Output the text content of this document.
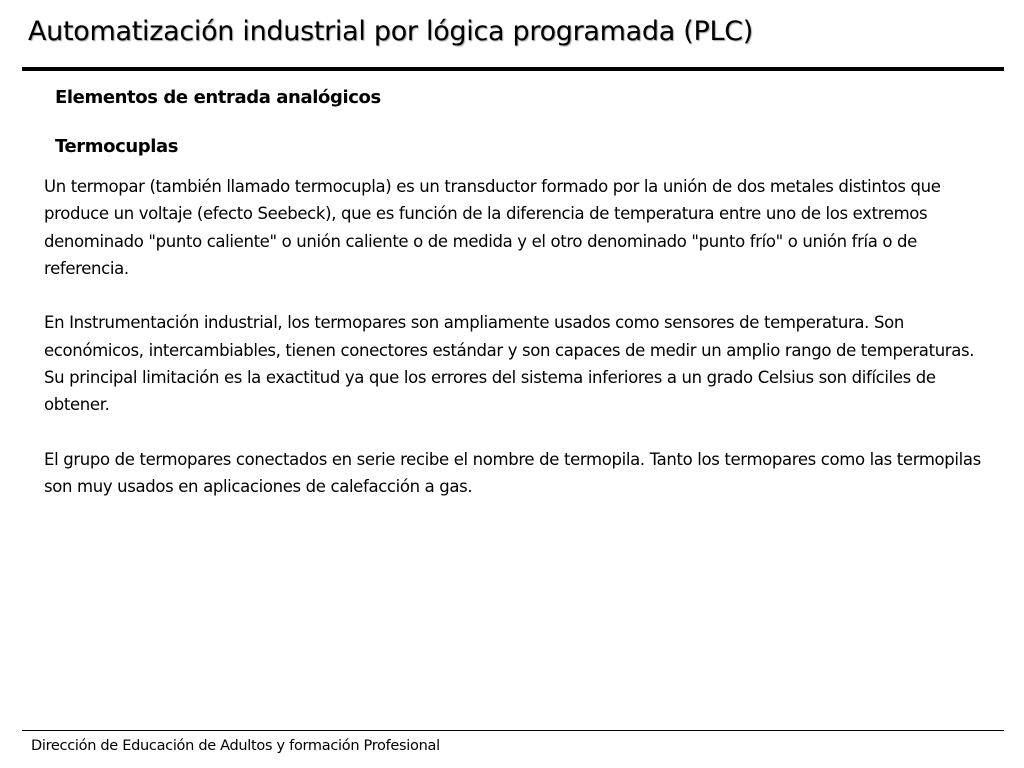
Automatización industrial por lógica programada (PLC)
Elementos de entrada analógicos
Termocuplas

Un termopar (también llamado termocupla) es un transductor formado por la unión de dos metales distintos que produce un voltaje (efecto Seebeck), que es función de la diferencia de temperatura entre uno de los extremos denominado "punto caliente" o unión caliente o de medida y el otro denominado "punto frío" o unión fría o de referencia.

En Instrumentación industrial, los termopares son ampliamente usados como sensores de temperatura. Son económicos, intercambiables, tienen conectores estándar y son capaces de medir un amplio rango de temperaturas. Su principal limitación es la exactitud ya que los errores del sistema inferiores a un grado Celsius son difíciles de obtener.

El grupo de termopares conectados en serie recibe el nombre de termopila. Tanto los termopares como las termopilas son muy usados en aplicaciones de calefacción a gas.

Dirección de Educación de Adultos y formación Profesional
